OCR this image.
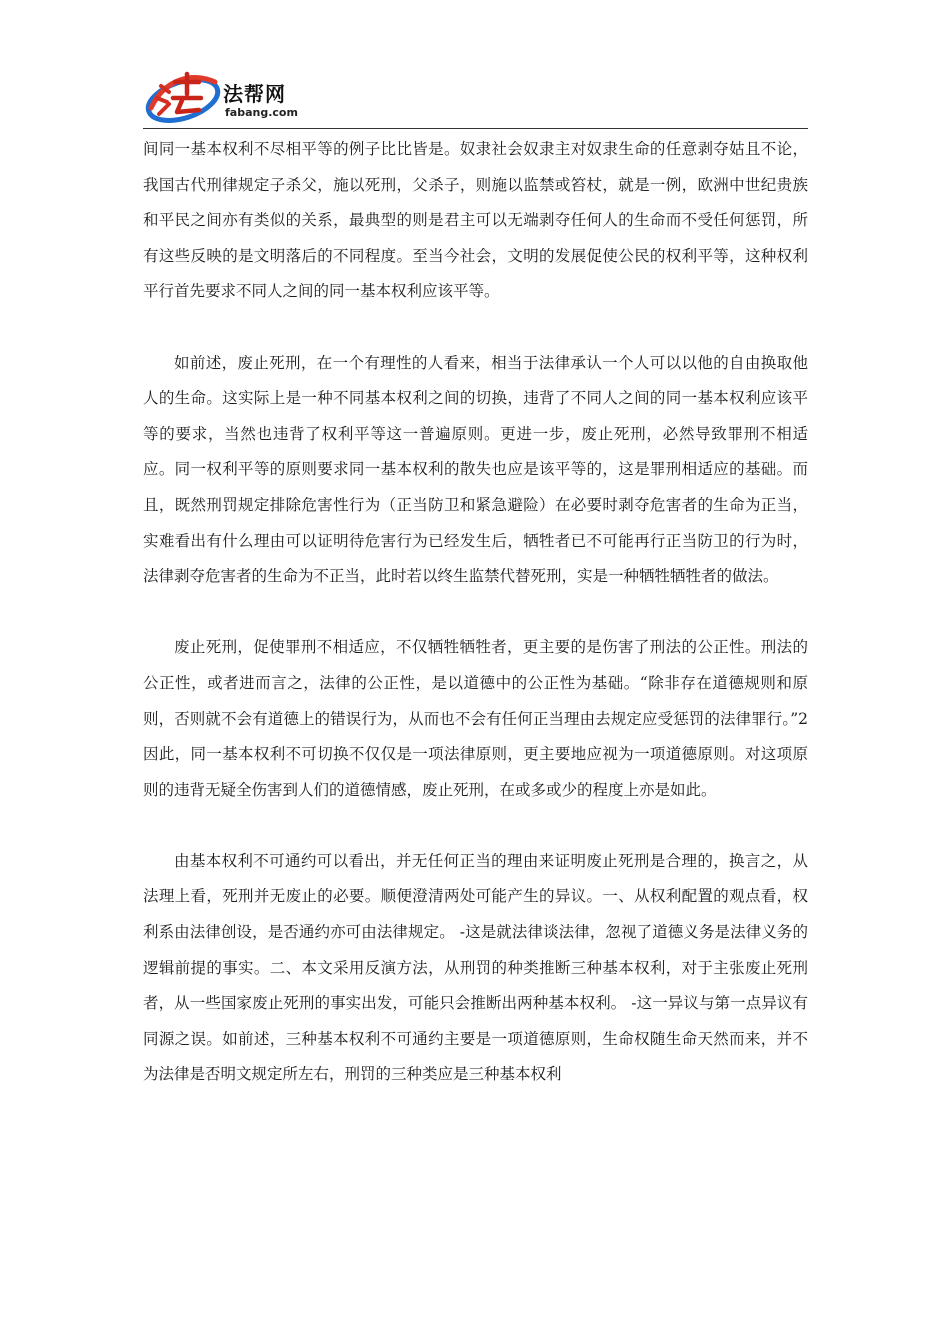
法帮网
fabang.com

间同一基本权利不尽相平等的例子比比皆是。奴隶社会奴隶主对奴隶生命的任意剥夺姑且不论，我国古代刑律规定子杀父，施以死刑，父杀子，则施以监禁或笞杖，就是一例，欧洲中世纪贵族和平民之间亦有类似的关系，最典型的则是君主可以无端剥夺任何人的生命而不受任何惩罚，所有这些反映的是文明落后的不同程度。至当今社会，文明的发展促使公民的权利平等，这种权利平行首先要求不同人之间的同一基本权利应该平等。

如前述，废止死刑，在一个有理性的人看来，相当于法律承认一个人可以以他的自由换取他人的生命。这实际上是一种不同基本权利之间的切换，违背了不同人之间的同一基本权利应该平等的要求，当然也违背了权利平等这一普遍原则。更进一步，废止死刑，必然导致罪刑不相适应。同一权利平等的原则要求同一基本权利的散失也应是该平等的，这是罪刑相适应的基础。而且，既然刑罚规定排除危害性行为（正当防卫和紧急避险）在必要时剥夺危害者的生命为正当，实难看出有什么理由可以证明待危害行为已经发生后，牺牲者已不可能再行正当防卫的行为时，法律剥夺危害者的生命为不正当，此时若以终生监禁代替死刑，实是一种牺牲牺牲者的做法。

废止死刑，促使罪刑不相适应，不仅牺牲牺牲者，更主要的是伤害了刑法的公正性。刑法的公正性，或者进而言之，法律的公正性，是以道德中的公正性为基础。“除非存在道德规则和原则，否则就不会有道德上的错误行为，从而也不会有任何正当理由去规定应受惩罚的法律罪行。”2 因此，同一基本权利不可切换不仅仅是一项法律原则，更主要地应视为一项道德原则。对这项原则的违背无疑全伤害到人们的道德情感，废止死刑，在或多或少的程度上亦是如此。

由基本权利不可通约可以看出，并无任何正当的理由来证明废止死刑是合理的，换言之，从法理上看，死刑并无废止的必要。顺便澄清两处可能产生的异议。一、从权利配置的观点看，权利系由法律创设，是否通约亦可由法律规定。 -这是就法律谈法律，忽视了道德义务是法律义务的逻辑前提的事实。二、本文采用反演方法，从刑罚的种类推断三种基本权利，对于主张废止死刑者，从一些国家废止死刑的事实出发，可能只会推断出两种基本权利。 -这一异议与第一点异议有同源之误。如前述，三种基本权利不可通约主要是一项道德原则，生命权随生命天然而来，并不为法律是否明文规定所左右，刑罚的三种类应是三种基本权利
